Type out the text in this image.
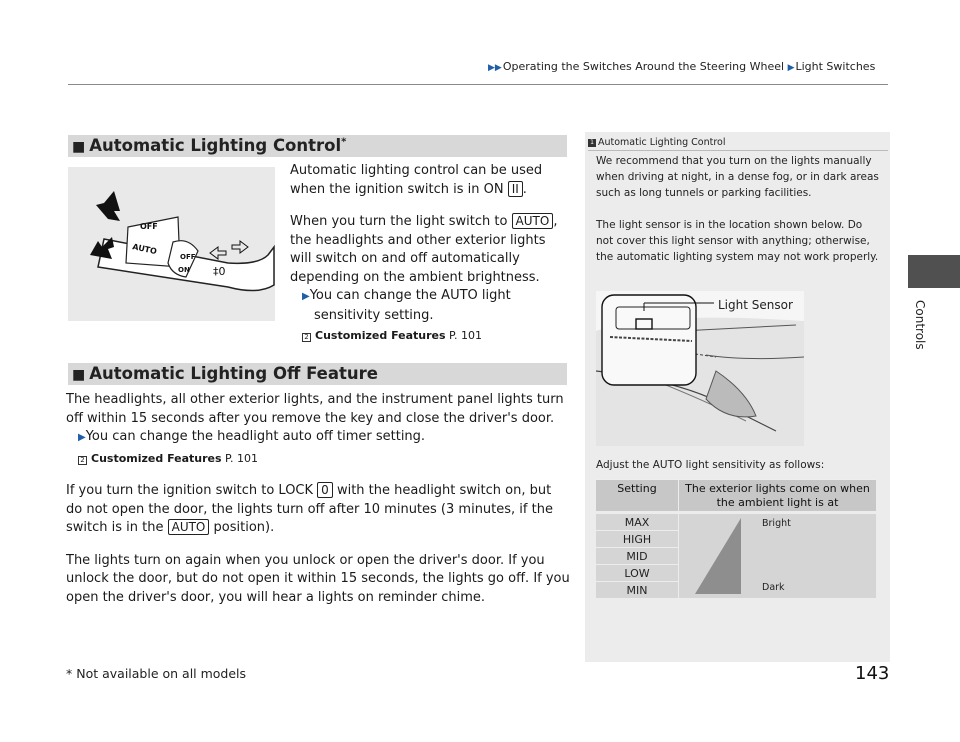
▶▶Operating the Switches Around the Steering Wheel ▶Light Switches
Controls
■ Automatic Lighting Control*
OFF
AUTO
OFF
ON ‡0
Automatic lighting control can be used when the ignition switch is in ON II .
When you turn the light switch to AUTO , the headlights and other exterior lights will switch on and off automatically depending on the ambient brightness.
▶You can change the AUTO light sensitivity setting.
2 Customized Features P. 101
■ Automatic Lighting Off Feature
The headlights, all other exterior lights, and the instrument panel lights turn off within 15 seconds after you remove the key and close the driver's door.
▶You can change the headlight auto off timer setting.
2 Customized Features P. 101
If you turn the ignition switch to LOCK 0 with the headlight switch on, but do not open the door, the lights turn off after 10 minutes (3 minutes, if the switch is in the AUTO position).
The lights turn on again when you unlock or open the driver's door. If you unlock the door, but do not open it within 15 seconds, the lights go off. If you open the driver's door, you will hear a lights on reminder chime.
1 Automatic Lighting Control
We recommend that you turn on the lights manually when driving at night, in a dense fog, or in dark areas such as long tunnels or parking facilities.
The light sensor is in the location shown below. Do not cover this light sensor with anything; otherwise, the automatic lighting system may not work properly.
Light Sensor
Adjust the AUTO light sensitivity as follows:
Setting	The exterior lights come on when the ambient light is at
MAX
HIGH
MID
LOW
MIN
Bright
Dark
* Not available on all models	143
